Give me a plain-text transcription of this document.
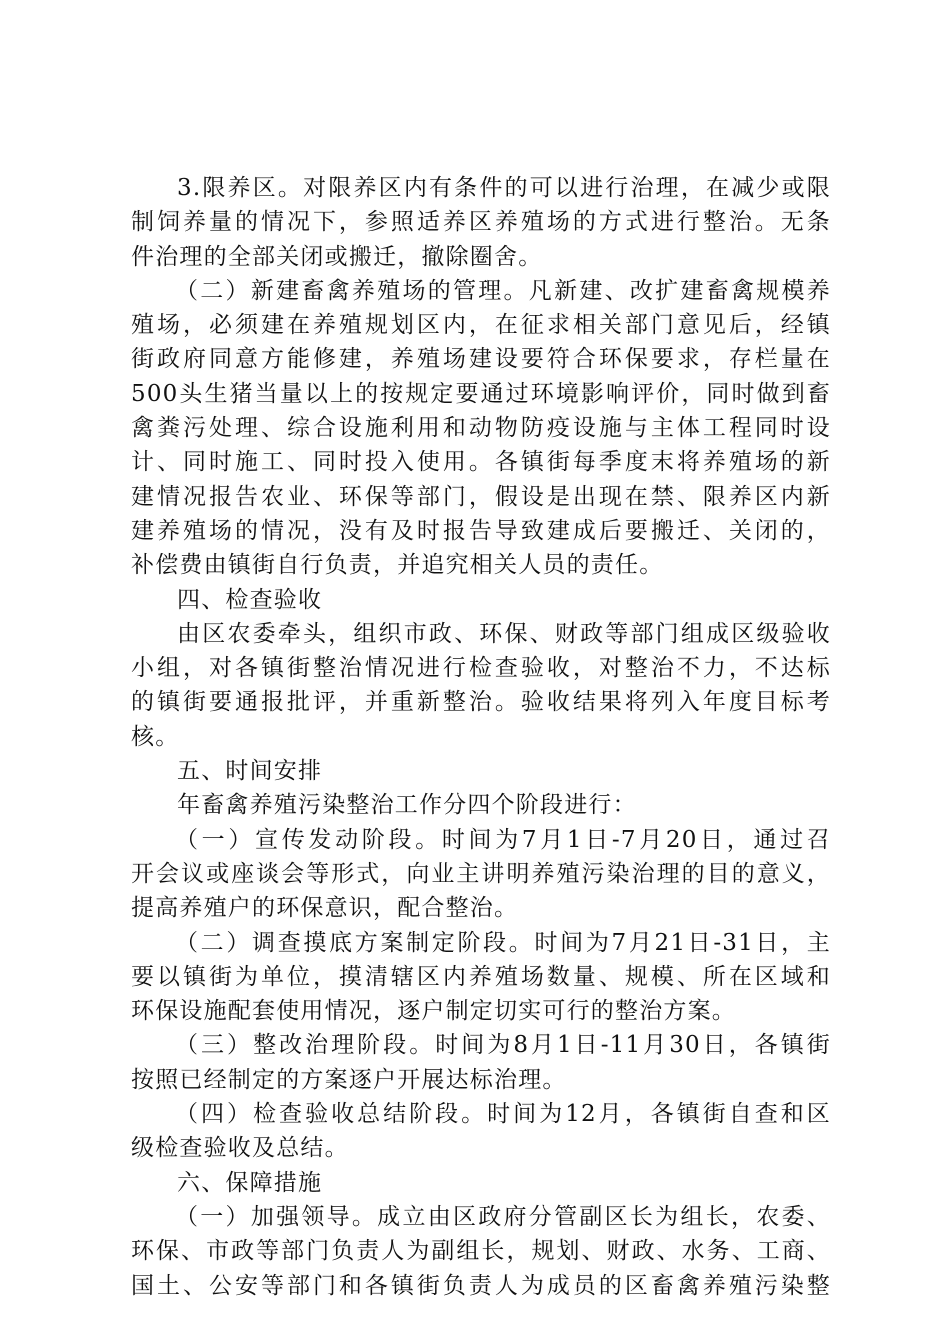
3.限养区。对限养区内有条件的可以进行治理，在减少或限
制饲养量的情况下，参照适养区养殖场的方式进行整治。无条
件治理的全部关闭或搬迁，撤除圈舍。
（二）新建畜禽养殖场的管理。凡新建、改扩建畜禽规模养
殖场，必须建在养殖规划区内，在征求相关部门意见后，经镇
街政府同意方能修建，养殖场建设要符合环保要求，存栏量在
500头生猪当量以上的按规定要通过环境影响评价，同时做到畜
禽粪污处理、综合设施利用和动物防疫设施与主体工程同时设
计、同时施工、同时投入使用。各镇街每季度末将养殖场的新
建情况报告农业、环保等部门，假设是出现在禁、限养区内新
建养殖场的情况，没有及时报告导致建成后要搬迁、关闭的，
补偿费由镇街自行负责，并追究相关人员的责任。
四、检查验收
由区农委牵头，组织市政、环保、财政等部门组成区级验收
小组，对各镇街整治情况进行检查验收，对整治不力，不达标
的镇街要通报批评，并重新整治。验收结果将列入年度目标考
核。
五、时间安排
年畜禽养殖污染整治工作分四个阶段进行：
（一）宣传发动阶段。时间为7月1日-7月20日，通过召
开会议或座谈会等形式，向业主讲明养殖污染治理的目的意义，
提高养殖户的环保意识，配合整治。
（二）调查摸底方案制定阶段。时间为7月21日-31日，主
要以镇街为单位，摸清辖区内养殖场数量、规模、所在区域和
环保设施配套使用情况，逐户制定切实可行的整治方案。
（三）整改治理阶段。时间为8月1日-11月30日，各镇街
按照已经制定的方案逐户开展达标治理。
（四）检查验收总结阶段。时间为12月，各镇街自查和区
级检查验收及总结。
六、保障措施
（一）加强领导。成立由区政府分管副区长为组长，农委、
环保、市政等部门负责人为副组长，规划、财政、水务、工商、
国土、公安等部门和各镇街负责人为成员的区畜禽养殖污染整
